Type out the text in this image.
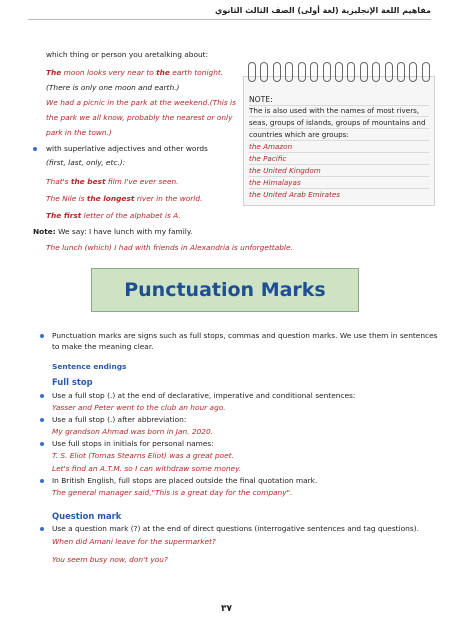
مفاهيم اللغة الإنجليزية (لغة أولى) الصف الثالث الثانوي
which thing or person you aretalking about:
The moon looks very near to the earth tonight.
(There is only one moon and earth.)
We had a picnic in the park at the weekend.(This is
the park we all know, probably the nearest or only
park in the town.)
with superlative adjectives and other words
(first, last, only, etc.):
That's the best film I've ever seen.
The Nile is the longest river in the world.
The first letter of the alphabet is A.
Note: We say: I have lunch with my family.
The lunch (which) I had with friends in Alexandria is unforgettable.
NOTE:
The is also used with the names of most rivers,
seas, groups of islands, groups of mountains and
countries which are groups:
the Amazon
the Pacific
the United Kingdom
the Himalayas
the United Arab Emirates
Punctuation Marks
Punctuation marks are signs such as full stops, commas and question marks. We use them in sentences
to make the meaning clear.
Sentence endings
Full stop
Use a full stop (.) at the end of declarative, imperative and conditional sentences:
Yasser and Peter went to the club an hour ago.
Use a full stop (.) after abbreviation:
My grandson Ahmad was born in Jan. 2020.
Use full stops in initials for personal names:
T. S. Eliot (Tomas Stearns Eliot) was a great poet.
Let's find an A.T.M. so I can withdraw some money.
In British English, full stops are placed outside the final quotation mark.
The general manager said,"This is a great day for the company".
Question mark
Use a question mark (?) at the end of direct questions (interrogative sentences and tag questions).
When did Amani leave for the supermarket?
You seem busy now, don't you?
٣٧
